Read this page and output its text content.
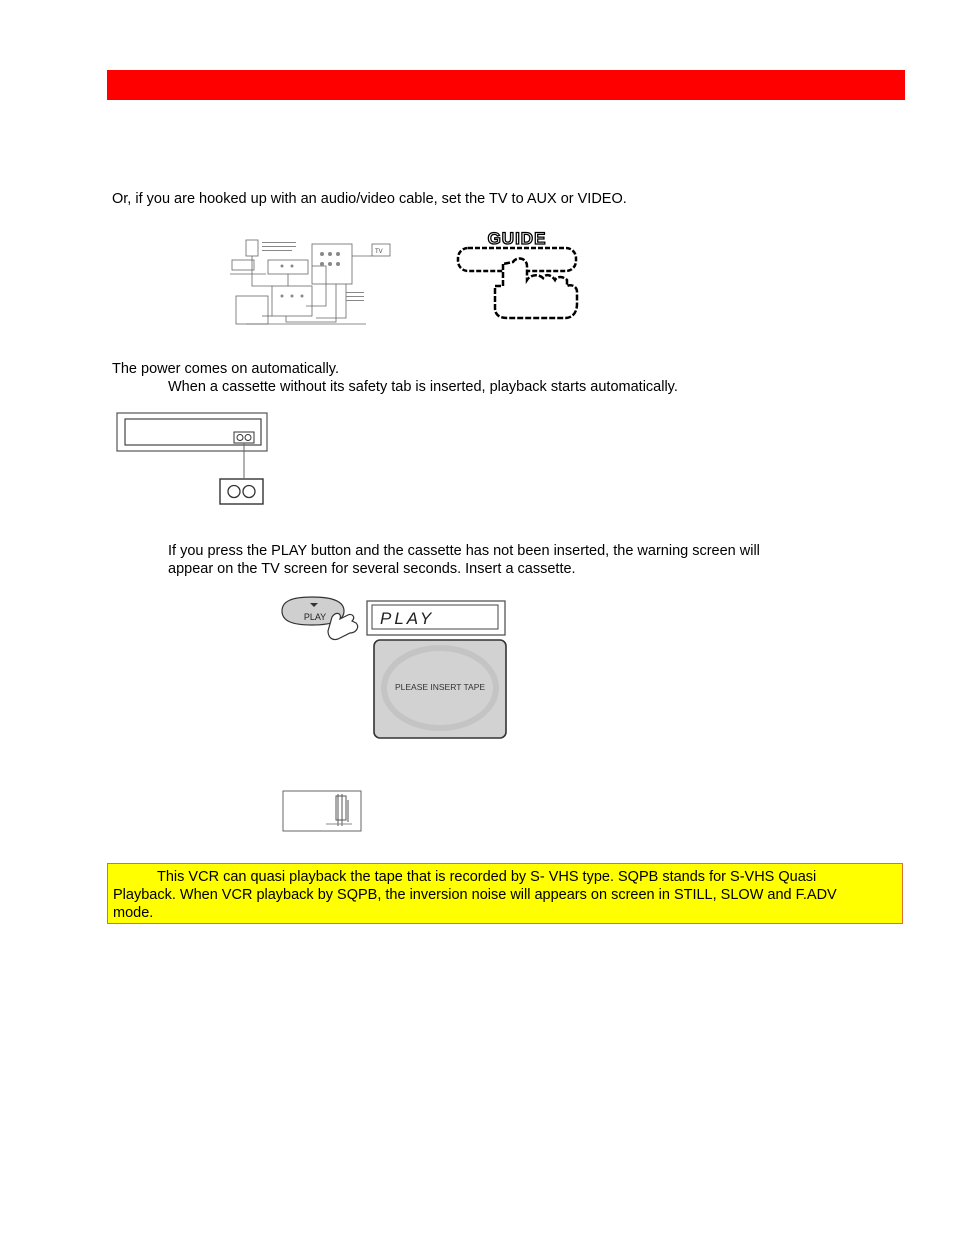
Or, if you are hooked up with an audio/video cable, set the TV to AUX or VIDEO.
TV
GUIDE
The power comes on automatically.
When a cassette without its safety tab is inserted, playback starts automatically.
If you press the PLAY button and the cassette has not been inserted, the warning screen will
appear on the TV screen for several seconds. Insert a cassette.
PLAY	PLAY
PLEASE INSERT TAPE
This VCR can quasi playback the tape that is recorded by S- VHS type. SQPB stands for S-VHS Quasi
Playback. When VCR playback by SQPB, the inversion noise will appears on screen in STILL, SLOW and F.ADV
mode.
